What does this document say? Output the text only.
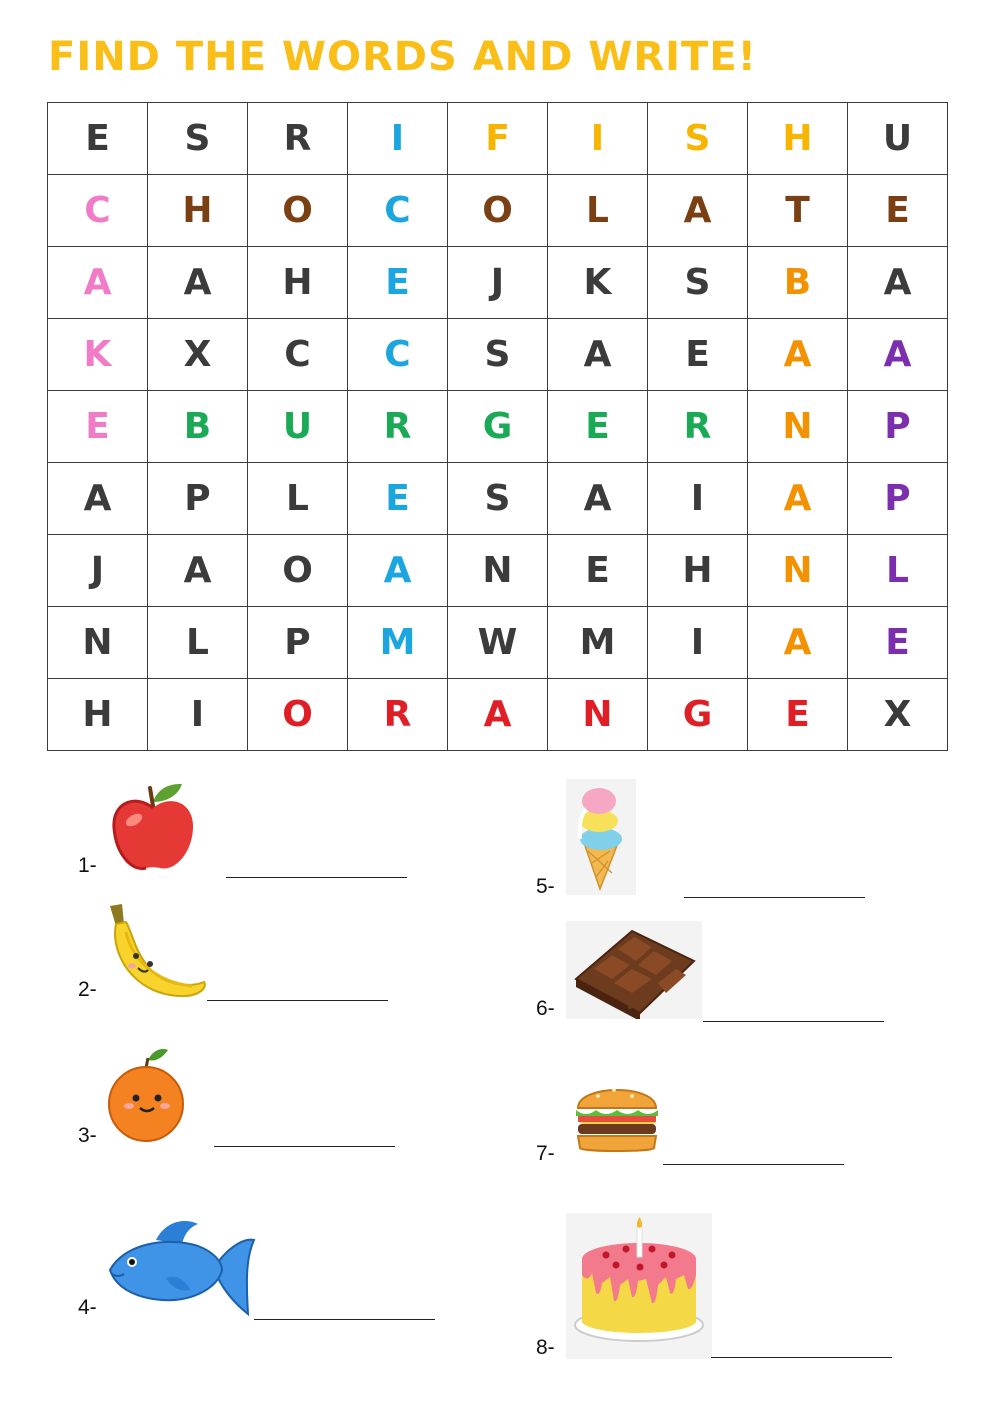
FIND THE WORDS AND WRITE!
E	S	R	I	F	I	S	H	U
C	H	O	C	O	L	A	T	E
A	A	H	E	J	K	S	B	A
K	X	C	C	S	A	E	A	A
E	B	U	R	G	E	R	N	P
A	P	L	E	S	A	I	A	P
J	A	O	A	N	E	H	N	L
N	L	P	M	W	M	I	A	E
H	I	O	R	A	N	G	E	X
1-
2-
3-
4-
5-
6-
7-
8-
